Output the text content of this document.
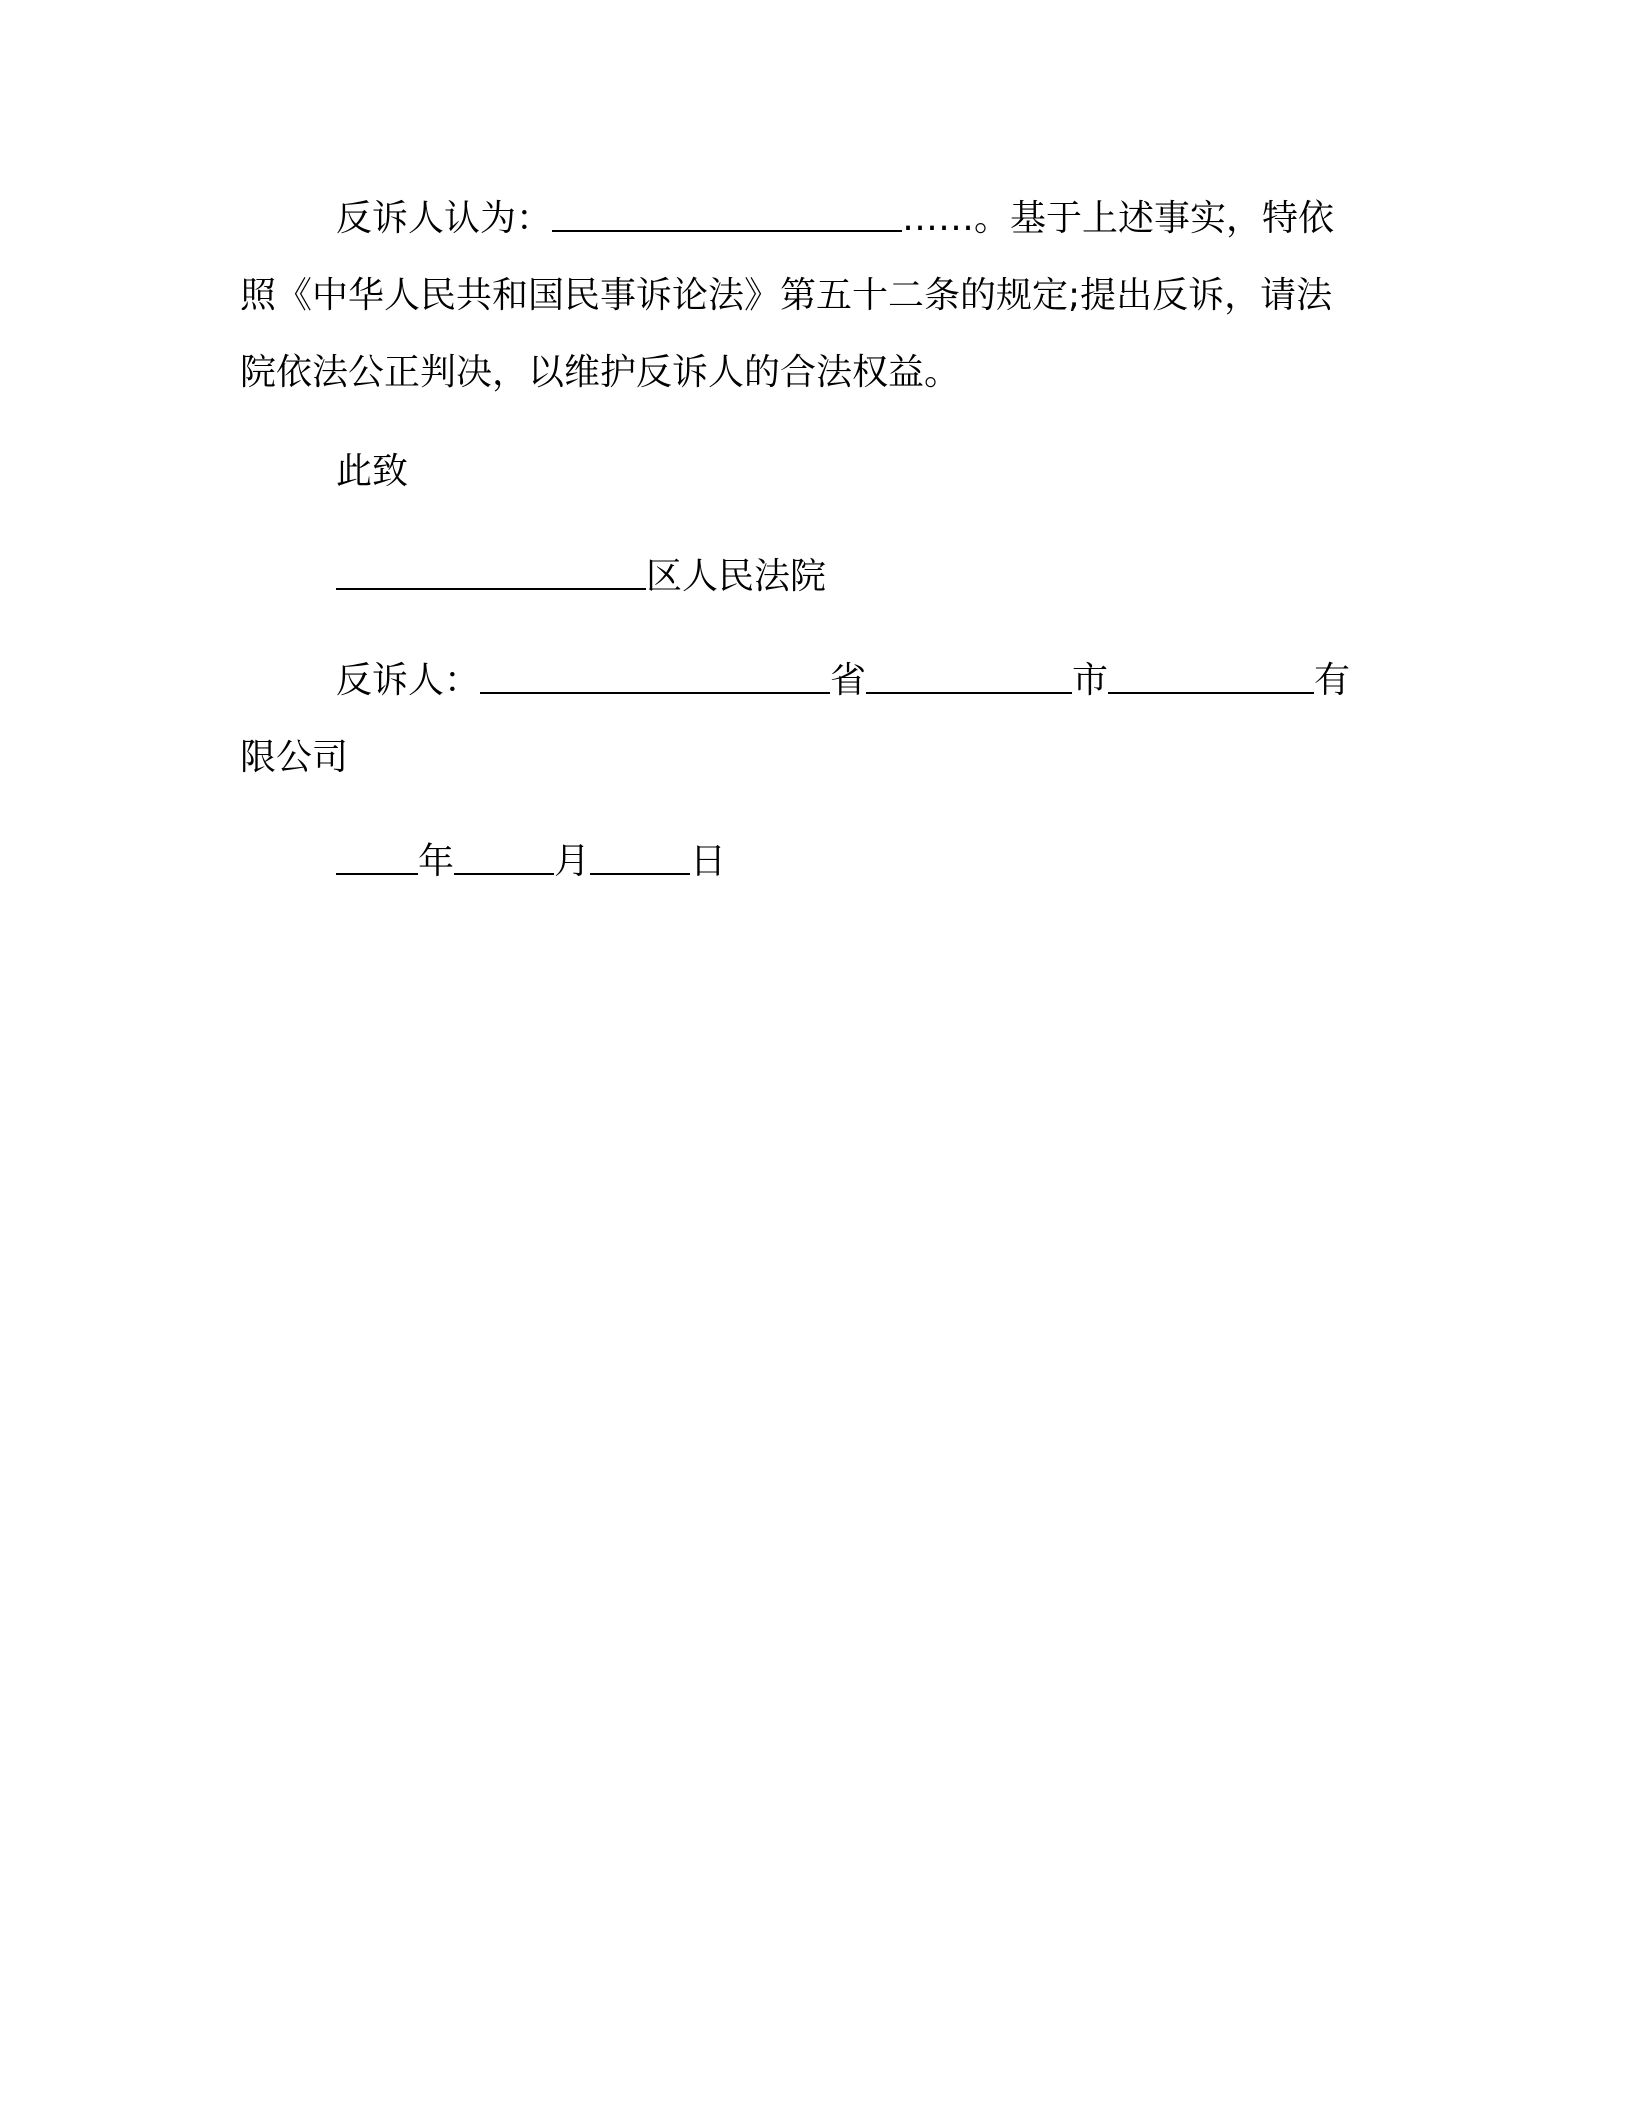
反诉人认为：	……。基于上述事实，特依
照《中华人民共和国民事诉论法》第五十二条的规定;提出反诉，请法
院依法公正判决，以维护反诉人的合法权益。
此致
区人民法院
反诉人：	省	市	有
限公司
年	月	日
